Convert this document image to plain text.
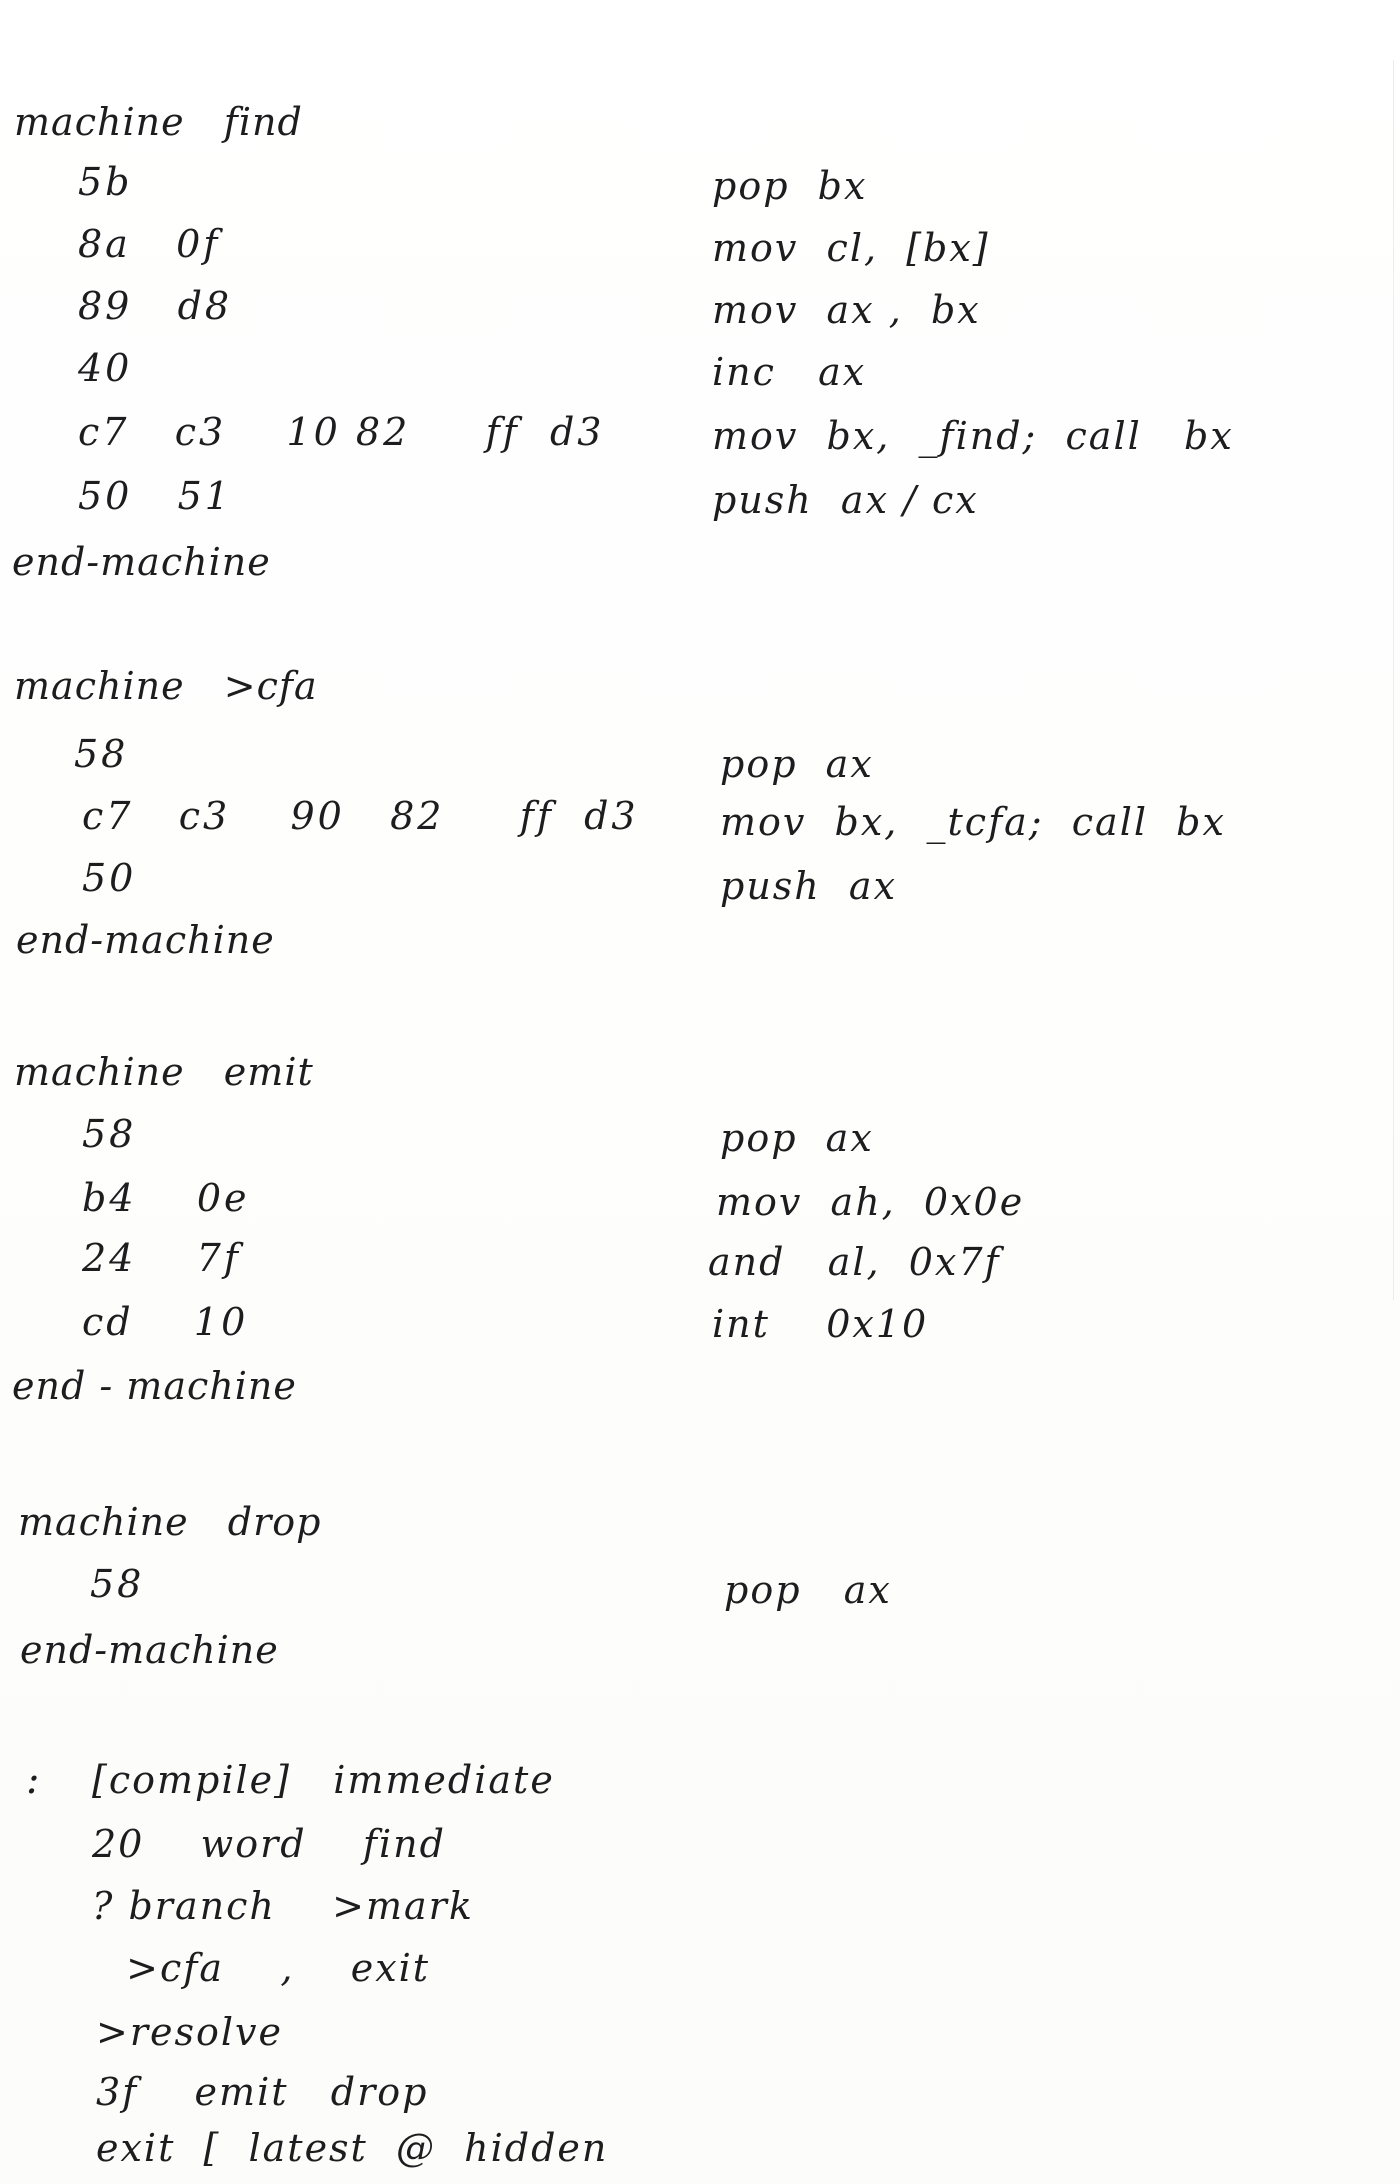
machine   find
5b
8a   0f
89   d8
40
c7   c3    10 82     ff  d3
50   51
pop  bx
mov  cl,  [bx]
mov  ax ,  bx
inc   ax
mov  bx,  _find;  call   bx
push  ax / cx
end-machine
machine   >cfa
58
c7   c3    90   82     ff  d3
50
pop  ax
mov  bx,  _tcfa;  call  bx
push  ax
end-machine
machine   emit
58
b4    0e
24    7f
cd    10
pop  ax
mov  ah,  0x0e
and   al,  0x7f
int    0x10
end - machine
machine   drop
58	pop   ax
end-machine
: [compile]   immediate
20    word    find
? branch    >mark
>cfa    ,    exit
>resolve
3f    emit   drop
exit  [  latest  @  hidden
